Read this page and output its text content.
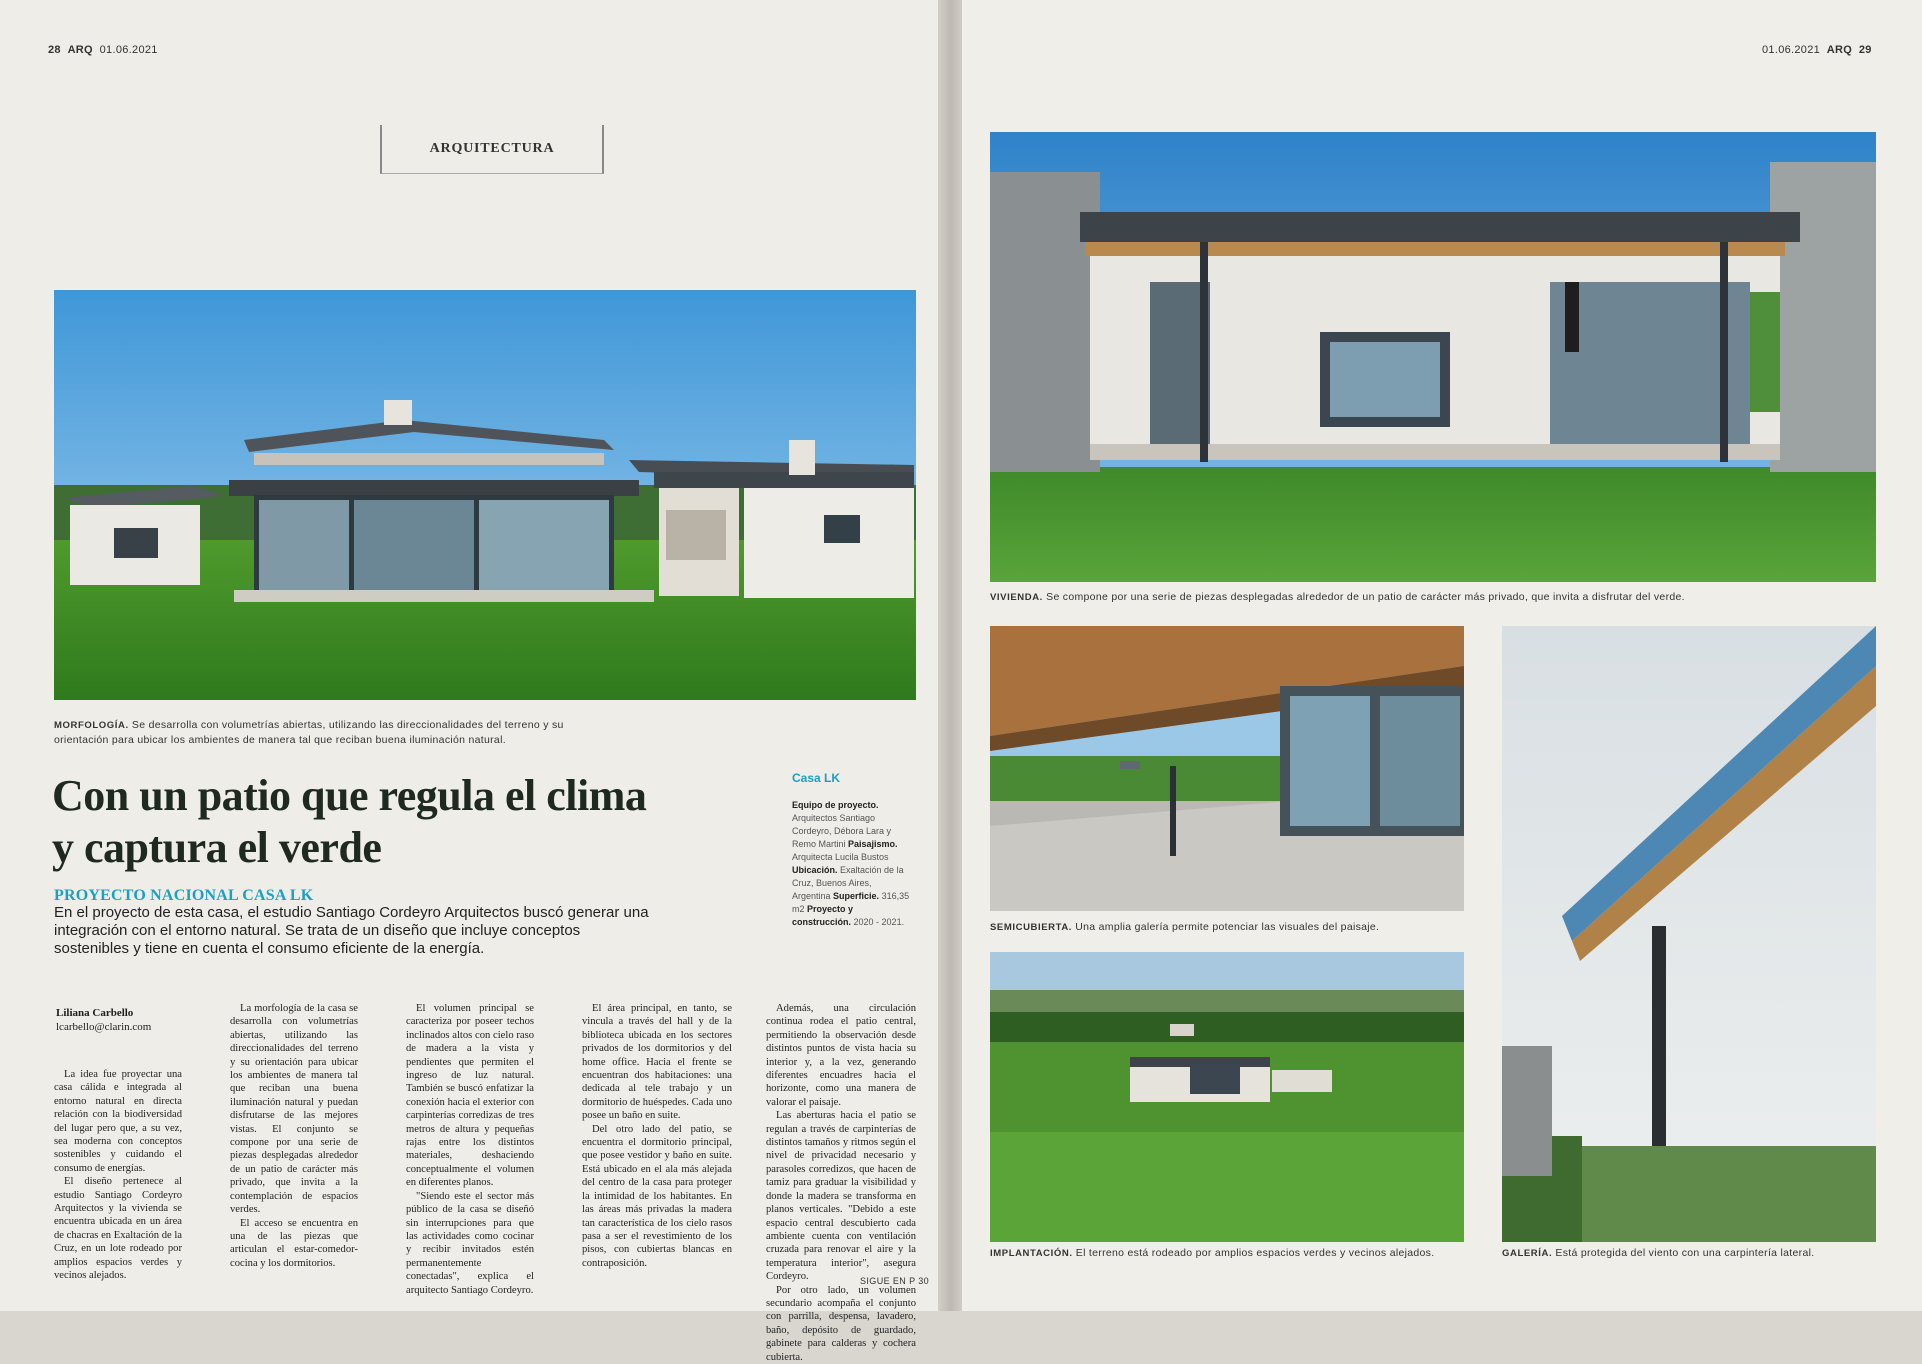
28 ARQ 01.06.2021
ARQUITECTURA
MORFOLOGÍA. Se desarrolla con volumetrías abiertas, utilizando las direccionalidades del terreno y su orientación para ubicar los ambientes de manera tal que reciban buena iluminación natural.
Con un patio que regula el clima y captura el verde
PROYECTO NACIONAL CASA LK
En el proyecto de esta casa, el estudio Santiago Cordeyro Arquitectos buscó generar una integración con el entorno natural. Se trata de un diseño que incluye conceptos sostenibles y tiene en cuenta el consumo eficiente de la energía.
Casa LK
Equipo de proyecto. Arquitectos Santiago Cordeyro, Débora Lara y Remo Martini Paisajismo. Arquitecta Lucila Bustos Ubicación. Exaltación de la Cruz, Buenos Aires, Argentina Superficie. 316,35 m2 Proyecto y construcción. 2020 - 2021.
Liliana Carbello
lcarbello@clarin.com

La idea fue proyectar una casa cálida e integrada al entorno natural en directa relación con la biodiversidad del lugar pero que, a su vez, sea moderna con conceptos sostenibles y cuidando el consumo de energías.

El diseño pertenece al estudio Santiago Cordeyro Arquitectos y la vivienda se encuentra ubicada en un área de chacras en Exaltación de la Cruz, en un lote rodeado por amplios espacios verdes y vecinos alejados.

La morfología de la casa se desarrolla con volumetrías abiertas, utilizando las direccionalidades del terreno y su orientación para ubicar los ambientes de manera tal que reciban una buena iluminación natural y puedan disfrutarse de las mejores vistas. El conjunto se compone por una serie de piezas desplegadas alrededor de un patio de carácter más privado, que invita a la contemplación de espacios verdes.

El acceso se encuentra en una de las piezas que articulan el estar-comedor-cocina y los dormitorios.

El volumen principal se caracteriza por poseer techos inclinados altos con cielo raso de madera a la vista y pendientes que permiten el ingreso de luz natural. También se buscó enfatizar la conexión hacia el exterior con carpinterías corredizas de tres metros de altura y pequeñas rajas entre los distintos materiales, deshaciendo conceptualmente el volumen en diferentes planos.

"Siendo este el sector más público de la casa se diseñó sin interrupciones para que las actividades como cocinar y recibir invitados estén permanentemente conectadas", explica el arquitecto Santiago Cordeyro.

El área principal, en tanto, se vincula a través del hall y de la biblioteca ubicada en los sectores privados de los dormitorios y del home office. Hacia el frente se encuentran dos habitaciones: una dedicada al tele trabajo y un dormitorio de huéspedes. Cada uno posee un baño en suite.

Del otro lado del patio, se encuentra el dormitorio principal, que posee vestidor y baño en suite. Está ubicado en el ala más alejada del centro de la casa para proteger la intimidad de los habitantes. En las áreas más privadas la madera tan característica de los cielo rasos pasa a ser el revestimiento de los pisos, con cubiertas blancas en contraposición.

Además, una circulación continua rodea el patio central, permitiendo la observación desde distintos puntos de vista hacia su interior y, a la vez, generando diferentes encuadres hacia el horizonte, como una manera de valorar el paisaje.

Las aberturas hacia el patio se regulan a través de carpinterías de distintos tamaños y ritmos según el nivel de privacidad necesario y parasoles corredizos, que hacen de tamiz para graduar la visibilidad y donde la madera se transforma en planos verticales. "Debido a este espacio central descubierto cada ambiente cuenta con ventilación cruzada para renovar el aire y la temperatura interior", asegura Cordeyro.

Por otro lado, un volumen secundario acompaña el conjunto con parrilla, despensa, lavadero, baño, depósito de guardado, gabinete para calderas y cochera cubierta.

SIGUE EN P 30
01.06.2021 ARQ 29
VIVIENDA. Se compone por una serie de piezas desplegadas alrededor de un patio de carácter más privado, que invita a disfrutar del verde.
SEMICUBIERTA. Una amplia galería permite potenciar las visuales del paisaje.
IMPLANTACIÓN. El terreno está rodeado por amplios espacios verdes y vecinos alejados.	GALERÍA. Está protegida del viento con una carpintería lateral.
